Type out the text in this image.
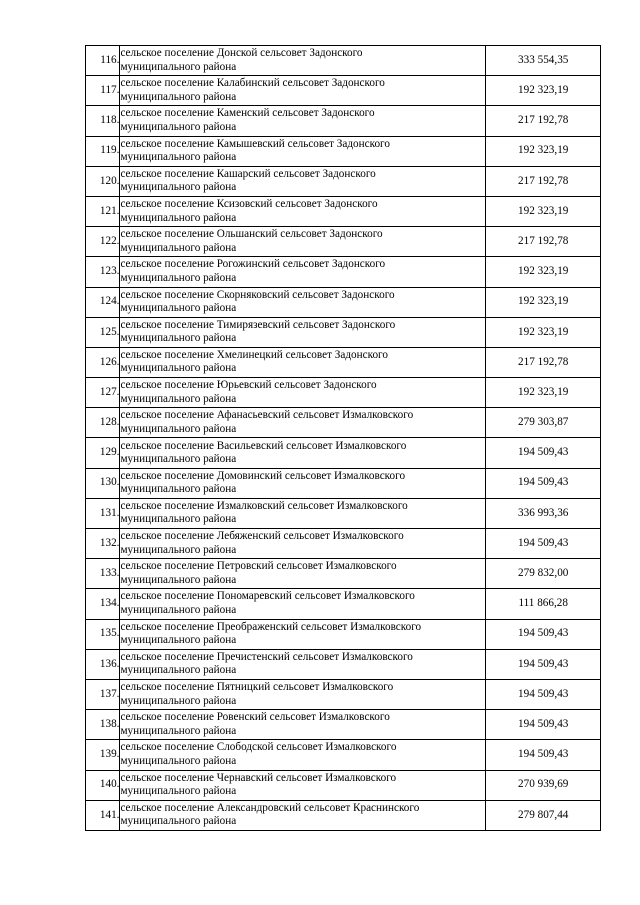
116.	сельское поселение Донской сельсовет Задонского
муниципального района	333 554,35
117.	сельское поселение Калабинский сельсовет Задонского
муниципального района	192 323,19
118.	сельское поселение Каменский сельсовет Задонского
муниципального района	217 192,78
119.	сельское поселение Камышевский сельсовет Задонского
муниципального района	192 323,19
120.	сельское поселение Кашарский сельсовет Задонского
муниципального района	217 192,78
121.	сельское поселение Ксизовский сельсовет Задонского
муниципального района	192 323,19
122.	сельское поселение Ольшанский сельсовет Задонского
муниципального района	217 192,78
123.	сельское поселение Рогожинский сельсовет Задонского
муниципального района	192 323,19
124.	сельское поселение Скорняковский сельсовет Задонского
муниципального района	192 323,19
125.	сельское поселение Тимирязевский сельсовет Задонского
муниципального района	192 323,19
126.	сельское поселение Хмелинецкий сельсовет Задонского
муниципального района	217 192,78
127.	сельское поселение Юрьевский сельсовет Задонского
муниципального района	192 323,19
128.	сельское поселение Афанасьевский сельсовет Измалковского
муниципального района	279 303,87
129.	сельское поселение Васильевский сельсовет Измалковского
муниципального района	194 509,43
130.	сельское поселение Домовинский сельсовет Измалковского
муниципального района	194 509,43
131.	сельское поселение Измалковский сельсовет Измалковского
муниципального района	336 993,36
132.	сельское поселение Лебяженский сельсовет Измалковского
муниципального района	194 509,43
133.	сельское поселение Петровский сельсовет Измалковского
муниципального района	279 832,00
134.	сельское поселение Пономаревский сельсовет Измалковского
муниципального района	111 866,28
135.	сельское поселение Преображенский сельсовет Измалковского
муниципального района	194 509,43
136.	сельское поселение Пречистенский сельсовет Измалковского
муниципального района	194 509,43
137.	сельское поселение Пятницкий сельсовет Измалковского
муниципального района	194 509,43
138.	сельское поселение Ровенский сельсовет Измалковского
муниципального района	194 509,43
139.	сельское поселение Слободской сельсовет Измалковского
муниципального района	194 509,43
140.	сельское поселение Чернавский сельсовет Измалковского
муниципального района	270 939,69
141.	сельское поселение Александровский сельсовет Краснинского
муниципального района	279 807,44
